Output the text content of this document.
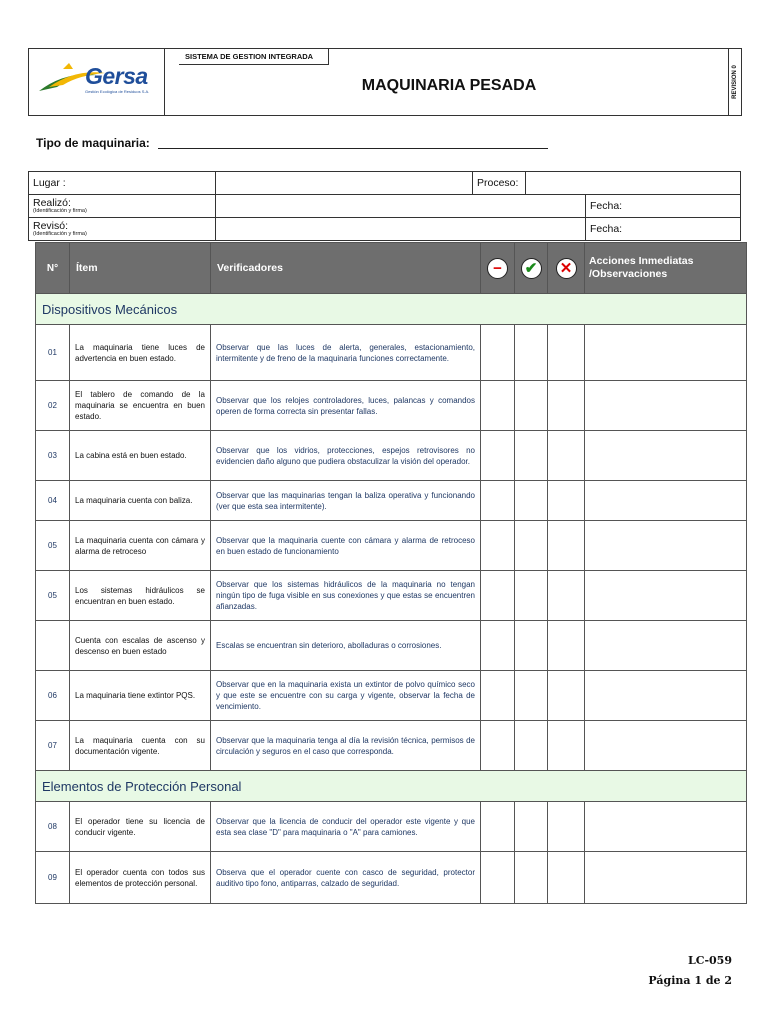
Gersa
Gestión Ecológica de Residuos S.A.
SISTEMA DE GESTION INTEGRADA
MAQUINARIA PESADA	REVISION 0
Tipo de maquinaria:
Lugar :		Proceso:		

Realizó:
(Identificación y firma)				Fecha:

Revisó:
(Identificación y firma)				Fecha:
N°	Ítem	Verificadores	−	✔	✕	Acciones Inmediatas /Observaciones
Dispositivos Mecánicos						
01	La maquinaria tiene luces de advertencia en buen estado.	Observar que las luces de alerta, generales, estacionamiento, intermitente y de freno de la maquinaria funciones correctamente.				
02	El tablero de comando de la maquinaria se encuentra en buen estado.	Observar que los relojes controladores, luces, palancas y comandos operen de forma correcta sin presentar fallas.				
03	La cabina está en buen estado.	Observar que los vidrios, protecciones, espejos retrovisores no evidencien daño alguno que pudiera obstaculizar la visión del operador.				
04	La maquinaria cuenta con baliza.	Observar que las maquinarias tengan la baliza operativa y funcionando (ver que esta sea intermitente).				
05	La maquinaria cuenta con cámara y alarma de retroceso	Observar que la maquinaria cuente con cámara y alarma de retroceso en buen estado de funcionamiento				
05	Los sistemas hidráulicos se encuentran en buen estado.	Observar que los sistemas hidráulicos de la maquinaria no tengan ningún tipo de fuga visible en sus conexiones y que estas se encuentren afianzadas.				
	Cuenta con escalas de ascenso y descenso en buen estado	Escalas se encuentran sin deterioro, abolladuras o corrosiones.				
06	La maquinaria tiene extintor PQS.	Observar que en la maquinaria exista un extintor de polvo químico seco y que este se encuentre con su carga y vigente, observar la fecha de vencimiento.				
07	La maquinaria cuenta con su documentación vigente.	Observar que la maquinaria tenga al día la revisión técnica, permisos de circulación y seguros en el caso que corresponda.				
Elementos de Protección Personal						
08	El operador tiene su licencia de conducir vigente.	Observar que la licencia de conducir del operador este vigente y que esta sea clase "D" para maquinaria o "A" para camiones.				
09	El operador cuenta con todos sus elementos de protección personal.	Observa que el operador cuente con casco de seguridad, protector auditivo tipo fono, antiparras, calzado de seguridad.				
LC-059
Página 1 de 2
